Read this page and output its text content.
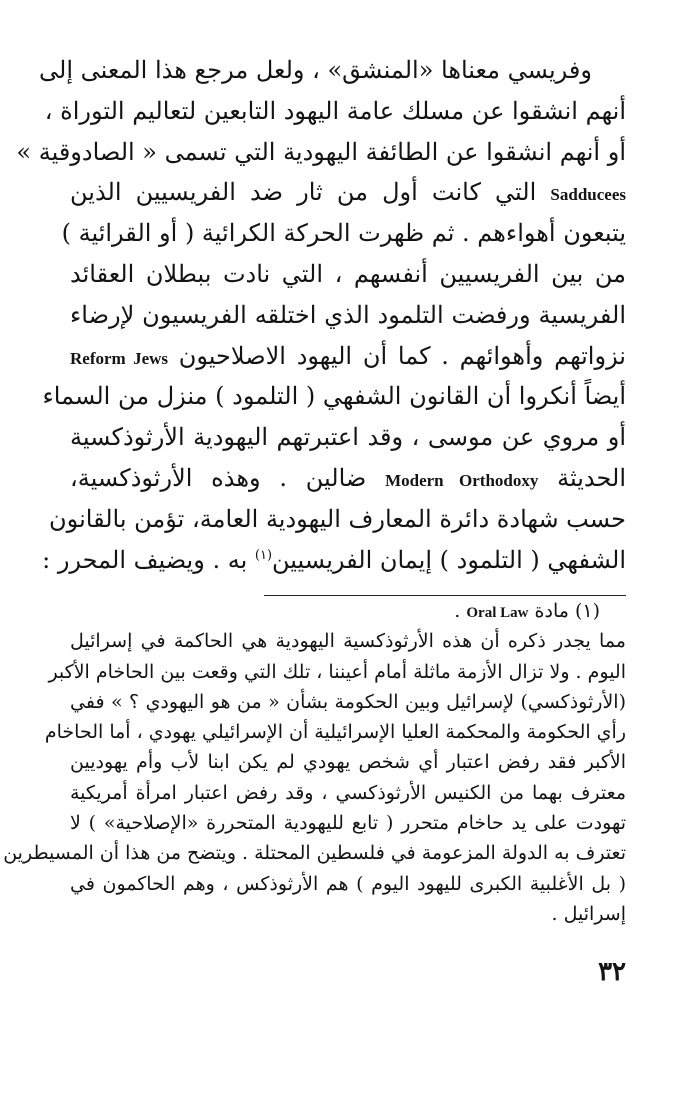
وفريسي معناها «المنشق» ، ولعل مرجع هذا المعنى إلى
أنهم انشقوا عن مسلك عامة اليهود التابعين لتعاليم التوراة ،
أو أنهم انشقوا عن الطائفة اليهودية التي تسمى « الصادوقية »
Sadducees التي كانت أول من ثار ضد الفريسيين الذين
يتبعون أهواءهم . ثم ظهرت الحركة الكرائية ( أو القرائية )
من بين الفريسيين أنفسهم ، التي نادت ببطلان العقائد
الفريسية ورفضت التلمود الذي اختلقه الفريسيون لإرضاء
نزواتهم وأهوائهم . كما أن اليهود الاصلاحيون Reform Jews
أيضاً أنكروا أن القانون الشفهي ( التلمود ) منزل من السماء
أو مروي عن موسى ، وقد اعتبرتهم اليهودية الأرثوذكسية
الحديثة Modern Orthodoxy ضالين . وهذه الأرثوذكسية،
حسب شهادة دائرة المعارف اليهودية العامة، تؤمن بالقانون
الشفهي ( التلمود ) إيمان الفريسيين$^{(١)}$ به . ويضيف المحرر :
(١) مادة Oral Law .
مما يجدر ذكره أن هذه الأرثوذكسية اليهودية هي الحاكمة في إسرائيل
اليوم . ولا تزال الأزمة ماثلة أمام أعيننا ، تلك التي وقعت بين الحاخام الأكبر
(الأرثوذكسي) لإسرائيل وبين الحكومة بشأن « من هو اليهودي ؟ » ففي
رأي الحكومة والمحكمة العليا الإسرائيلية أن الإسرائيلي يهودي ، أما الحاخام
الأكبر فقد رفض اعتبار أي شخص يهودي لم يكن ابنا لأب وأم يهوديين
معترف بهما من الكنيس الأرثوذكسي ، وقد رفض اعتبار امرأة أمريكية
تهودت على يد حاخام متحرر ( تابع لليهودية المتحررة «الإصلاحية» ) لا
تعترف به الدولة المزعومة في فلسطين المحتلة . ويتضح من هذا أن المسيطرين
( بل الأغلبية الكبرى لليهود اليوم ) هم الأرثوذكس ، وهم الحاكمون في
إسرائيل .
٣٢
